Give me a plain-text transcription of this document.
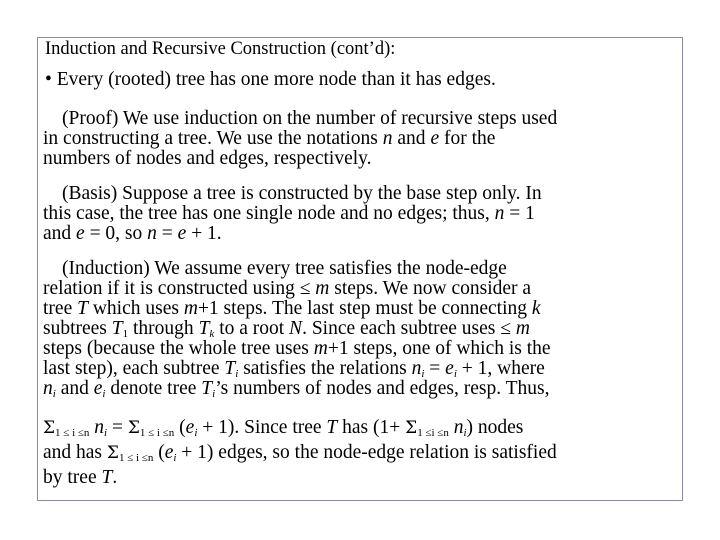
Induction and Recursive Construction (cont’d):
• Every (rooted) tree has one more node than it has edges.
(Proof) We use induction on the number of recursive steps used
in constructing a tree. We use the notations n and e for the
numbers of nodes and edges, respectively.
(Basis) Suppose a tree is constructed by the base step only. In
this case, the tree has one single node and no edges; thus, n = 1
and e = 0, so n = e + 1.
(Induction) We assume every tree satisfies the node-edge
relation if it is constructed using ≤ m steps. We now consider a
tree T which uses m+1 steps. The last step must be connecting k
subtrees $T_1$ through $T_k$ to a root N. Since each subtree uses ≤ m
steps (because the whole tree uses m+1 steps, one of which is the
last step), each subtree $T_i$ satisfies the relations $n_i = e_i + 1$, where
$n_i$ and $e_i$ denote tree $T_i’s$ numbers of nodes and edges, resp. Thus,
$\Sigma_{1 \le i \le n}$ $n_i = \Sigma_{1 \le i \le n}$ $(e_i + 1)$. Since tree T has ($1+ \Sigma_{1 \le i \le n}$ $n_i$) nodes
and has $\Sigma_{1 \le i \le n}$ $(e_i + 1)$ edges, so the node-edge relation is satisfied
by tree T.
